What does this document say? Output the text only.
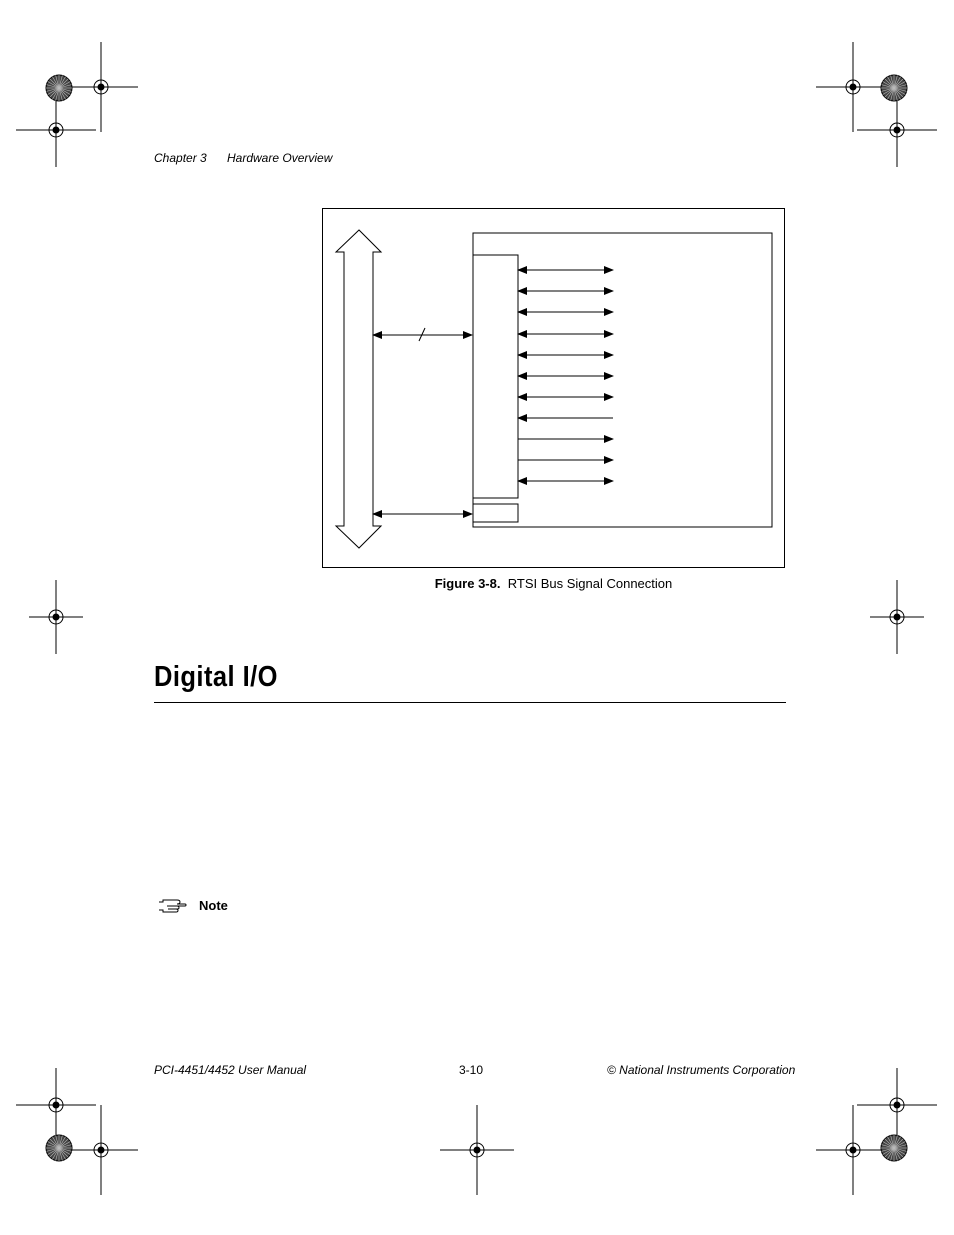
Chapter 3 Hardware Overview
Figure 3-8. RTSI Bus Signal Connection
Digital I/O
Note
PCI-4451/4452 User Manual	3-10	© National Instruments Corporation
